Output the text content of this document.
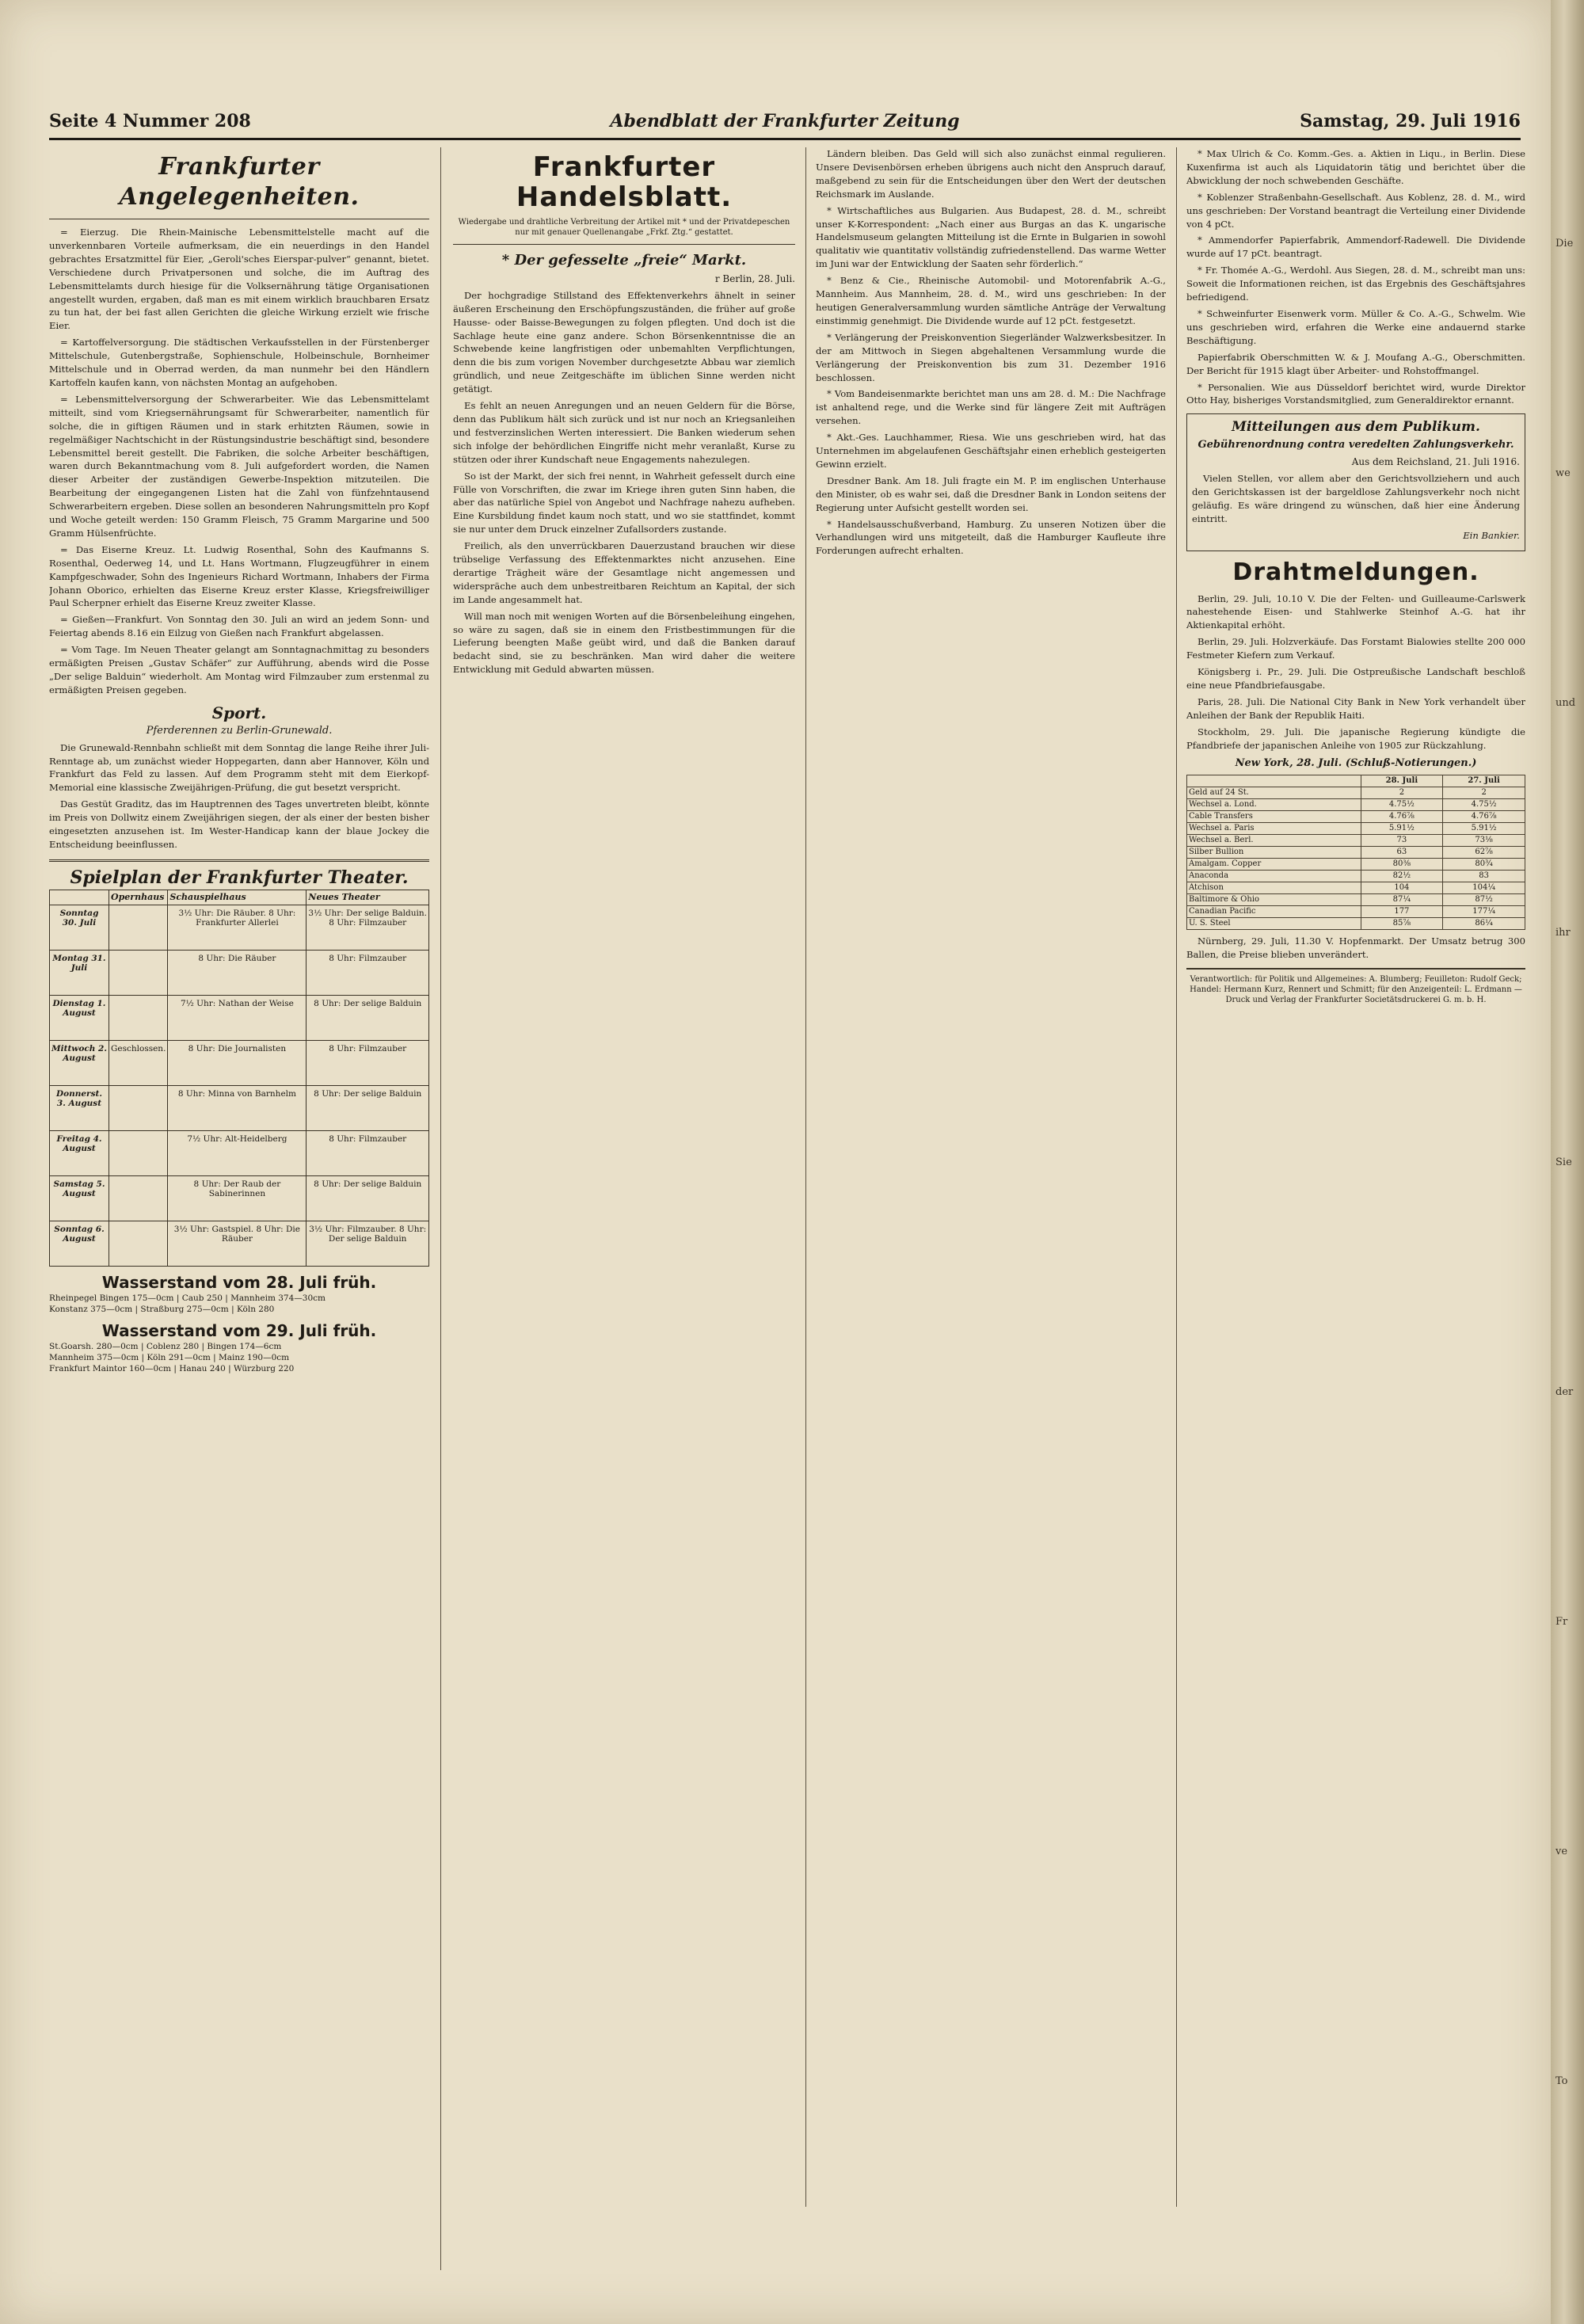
Seite 4 Nummer 208	Abendblatt der Frankfurter Zeitung	Samstag, 29. Juli 1916
Frankfurter Angelegenheiten.

= Eierzug. Die Rhein-Mainische Lebensmittelstelle macht auf die unverkennbaren Vorteile aufmerksam, die ein neuerdings in den Handel gebrachtes Ersatzmittel für Eier, „Geroli'sches Eierspar-pulver“ genannt, bietet. Verschiedene durch Privatpersonen und solche, die im Auftrag des Lebensmittelamts durch hiesige für die Volksernährung tätige Organisationen angestellt wurden, ergaben, daß man es mit einem wirklich brauchbaren Ersatz zu tun hat, der bei fast allen Gerichten die gleiche Wirkung erzielt wie frische Eier.

= Kartoffelversorgung. Die städtischen Verkaufsstellen in der Fürstenberger Mittelschule, Gutenbergstraße, Sophienschule, Holbeinschule, Bornheimer Mittelschule und in Oberrad werden, da man nunmehr bei den Händlern Kartoffeln kaufen kann, von nächsten Montag an aufgehoben.

= Lebensmittelversorgung der Schwerarbeiter. Wie das Lebensmittelamt mitteilt, sind vom Kriegsernährungsamt für Schwerarbeiter, namentlich für solche, die in giftigen Räumen und in stark erhitzten Räumen, sowie in regelmäßiger Nachtschicht in der Rüstungsindustrie beschäftigt sind, besondere Lebensmittel bereit gestellt. Die Fabriken, die solche Arbeiter beschäftigen, waren durch Bekanntmachung vom 8. Juli aufgefordert worden, die Namen dieser Arbeiter der zuständigen Gewerbe-Inspektion mitzuteilen. Die Bearbeitung der eingegangenen Listen hat die Zahl von fünfzehntausend Schwerarbeitern ergeben. Diese sollen an besonderen Nahrungsmitteln pro Kopf und Woche geteilt werden: 150 Gramm Fleisch, 75 Gramm Margarine und 500 Gramm Hülsenfrüchte.

= Das Eiserne Kreuz. Lt. Ludwig Rosenthal, Sohn des Kaufmanns S. Rosenthal, Oederweg 14, und Lt. Hans Wortmann, Flugzeugführer in einem Kampfgeschwader, Sohn des Ingenieurs Richard Wortmann, Inhabers der Firma Johann Oborico, erhielten das Eiserne Kreuz erster Klasse, Kriegsfreiwilliger Paul Scherpner erhielt das Eiserne Kreuz zweiter Klasse.

= Gießen—Frankfurt. Von Sonntag den 30. Juli an wird an jedem Sonn- und Feiertag abends 8.16 ein Eilzug von Gießen nach Frankfurt abgelassen.

= Vom Tage. Im Neuen Theater gelangt am Sonntagnachmittag zu besonders ermäßigten Preisen „Gustav Schäfer“ zur Aufführung, abends wird die Posse „Der selige Balduin“ wiederholt. Am Montag wird Filmzauber zum erstenmal zu ermäßigten Preisen gegeben.

Sport.
Pferderennen zu Berlin-Grunewald.

Die Grunewald-Rennbahn schließt mit dem Sonntag die lange Reihe ihrer Juli-Renntage ab, um zunächst wieder Hoppegarten, dann aber Hannover, Köln und Frankfurt das Feld zu lassen. Auf dem Programm steht mit dem Eierkopf-Memorial eine klassische Zweijährigen-Prüfung, die gut besetzt verspricht.

Das Gestüt Graditz, das im Hauptrennen des Tages unvertreten bleibt, könnte im Preis von Dollwitz einem Zweijährigen siegen, der als einer der besten bisher eingesetzten anzusehen ist. Im Wester-Handicap kann der blaue Jockey die Entscheidung beeinflussen.

Spielplan der Frankfurter Theater.
	Opernhaus	Schauspielhaus	Neues Theater
Sonntag 30. Juli		3½ Uhr: Die Räuber. 8 Uhr: Frankfurter Allerlei	3½ Uhr: Der selige Balduin. 8 Uhr: Filmzauber
Montag 31. Juli		8 Uhr: Die Räuber	8 Uhr: Filmzauber
Dienstag 1. August		7½ Uhr: Nathan der Weise	8 Uhr: Der selige Balduin
Mittwoch 2. August	Geschlossen.	8 Uhr: Die Journalisten	8 Uhr: Filmzauber
Donnerst. 3. August		8 Uhr: Minna von Barnhelm	8 Uhr: Der selige Balduin
Freitag 4. August		7½ Uhr: Alt-Heidelberg	8 Uhr: Filmzauber
Samstag 5. August		8 Uhr: Der Raub der Sabinerinnen	8 Uhr: Der selige Balduin
Sonntag 6. August		3½ Uhr: Gastspiel. 8 Uhr: Die Räuber	3½ Uhr: Filmzauber. 8 Uhr: Der selige Balduin
Wasserstand vom 28. Juli früh.
Rheinpegel Bingen 175—0cm | Caub 250 | Mannheim 374—30cm
Konstanz 375—0cm | Straßburg 275—0cm | Köln 280
Wasserstand vom 29. Juli früh.
St.Goarsh. 280—0cm | Coblenz 280 | Bingen 174—6cm
Mannheim 375—0cm | Köln 291—0cm | Mainz 190—0cm
Frankfurt Maintor 160—0cm | Hanau 240 | Würzburg 220
Frankfurter Handelsblatt.
Wiedergabe und drahtliche Verbreitung der Artikel mit * und der Privatdepeschen nur mit genauer Quellenangabe „Frkf. Ztg.“ gestattet.
* Der gefesselte „freie“ Markt.
r Berlin, 28. Juli.

Der hochgradige Stillstand des Effektenverkehrs ähnelt in seiner äußeren Erscheinung den Erschöpfungszuständen, die früher auf große Hausse- oder Baisse-Bewegungen zu folgen pflegten. Und doch ist die Sachlage heute eine ganz andere. Schon Börsenkenntnisse die an Schwebende keine langfristigen oder unbemahlten Verpflichtungen, denn die bis zum vorigen November durchgesetzte Abbau war ziemlich gründlich, und neue Zeitgeschäfte im üblichen Sinne werden nicht getätigt.

Es fehlt an neuen Anregungen und an neuen Geldern für die Börse, denn das Publikum hält sich zurück und ist nur noch an Kriegsanleihen und festverzinslichen Werten interessiert. Die Banken wiederum sehen sich infolge der behördlichen Eingriffe nicht mehr veranlaßt, Kurse zu stützen oder ihrer Kundschaft neue Engagements nahezulegen.

So ist der Markt, der sich frei nennt, in Wahrheit gefesselt durch eine Fülle von Vorschriften, die zwar im Kriege ihren guten Sinn haben, die aber das natürliche Spiel von Angebot und Nachfrage nahezu aufheben. Eine Kursbildung findet kaum noch statt, und wo sie stattfindet, kommt sie nur unter dem Druck einzelner Zufallsorders zustande.

Freilich, als den unverrückbaren Dauerzustand brauchen wir diese trübselige Verfassung des Effektenmarktes nicht anzusehen. Eine derartige Trägheit wäre der Gesamtlage nicht angemessen und widerspräche auch dem unbestreitbaren Reichtum an Kapital, der sich im Lande angesammelt hat.

Will man noch mit wenigen Worten auf die Börsenbeleihung eingehen, so wäre zu sagen, daß sie in einem den Fristbestimmungen für die Lieferung beengten Maße geübt wird, und daß die Banken darauf bedacht sind, sie zu beschränken. Man wird daher die weitere Entwicklung mit Geduld abwarten müssen.

Ländern bleiben. Das Geld will sich also zunächst einmal regulieren. Unsere Devisenbörsen erheben übrigens auch nicht den Anspruch darauf, maßgebend zu sein für die Entscheidungen über den Wert der deutschen Reichsmark im Auslande.

* Wirtschaftliches aus Bulgarien. Aus Budapest, 28. d. M., schreibt unser K-Korrespondent: „Nach einer aus Burgas an das K. ungarische Handelsmuseum gelangten Mitteilung ist die Ernte in Bulgarien in sowohl qualitativ wie quantitativ vollständig zufriedenstellend. Das warme Wetter im Juni war der Entwicklung der Saaten sehr förderlich.“

* Benz & Cie., Rheinische Automobil- und Motorenfabrik A.-G., Mannheim. Aus Mannheim, 28. d. M., wird uns geschrieben: In der heutigen Generalversammlung wurden sämtliche Anträge der Verwaltung einstimmig genehmigt. Die Dividende wurde auf 12 pCt. festgesetzt.

* Verlängerung der Preiskonvention Siegerländer Walzwerksbesitzer. In der am Mittwoch in Siegen abgehaltenen Versammlung wurde die Verlängerung der Preiskonvention bis zum 31. Dezember 1916 beschlossen.

* Vom Bandeisenmarkte berichtet man uns am 28. d. M.: Die Nachfrage ist anhaltend rege, und die Werke sind für längere Zeit mit Aufträgen versehen.

* Akt.-Ges. Lauchhammer, Riesa. Wie uns geschrieben wird, hat das Unternehmen im abgelaufenen Geschäftsjahr einen erheblich gesteigerten Gewinn erzielt.

Dresdner Bank. Am 18. Juli fragte ein M. P. im englischen Unterhause den Minister, ob es wahr sei, daß die Dresdner Bank in London seitens der Regierung unter Aufsicht gestellt worden sei.

* Handelsausschußverband, Hamburg. Zu unseren Notizen über die Verhandlungen wird uns mitgeteilt, daß die Hamburger Kaufleute ihre Forderungen aufrecht erhalten.

* Max Ulrich & Co. Komm.-Ges. a. Aktien in Liqu., in Berlin. Diese Kuxenfirma ist auch als Liquidatorin tätig und berichtet über die Abwicklung der noch schwebenden Geschäfte.

* Koblenzer Straßenbahn-Gesellschaft. Aus Koblenz, 28. d. M., wird uns geschrieben: Der Vorstand beantragt die Verteilung einer Dividende von 4 pCt.

* Ammendorfer Papierfabrik, Ammendorf-Radewell. Die Dividende wurde auf 17 pCt. beantragt.

* Fr. Thomée A.-G., Werdohl. Aus Siegen, 28. d. M., schreibt man uns: Soweit die Informationen reichen, ist das Ergebnis des Geschäftsjahres befriedigend.

* Schweinfurter Eisenwerk vorm. Müller & Co. A.-G., Schwelm. Wie uns geschrieben wird, erfahren die Werke eine andauernd starke Beschäftigung.

Papierfabrik Oberschmitten W. & J. Moufang A.-G., Oberschmitten. Der Bericht für 1915 klagt über Arbeiter- und Rohstoffmangel.

* Personalien. Wie aus Düsseldorf berichtet wird, wurde Direktor Otto Hay, bisheriges Vorstandsmitglied, zum Generaldirektor ernannt.

Mitteilungen aus dem Publikum.
Gebührenordnung contra veredelten Zahlungsverkehr.
Aus dem Reichsland, 21. Juli 1916.

Vielen Stellen, vor allem aber den Gerichtsvollziehern und auch den Gerichtskassen ist der bargeldlose Zahlungsverkehr noch nicht geläufig. Es wäre dringend zu wünschen, daß hier eine Änderung eintritt.

Ein Bankier.
Drahtmeldungen.

Berlin, 29. Juli, 10.10 V. Die der Felten- und Guilleaume-Carlswerk nahestehende Eisen- und Stahlwerke Steinhof A.-G. hat ihr Aktienkapital erhöht.

Berlin, 29. Juli. Holzverkäufe. Das Forstamt Bialowies stellte 200 000 Festmeter Kiefern zum Verkauf.

Königsberg i. Pr., 29. Juli. Die Ostpreußische Landschaft beschloß eine neue Pfandbriefausgabe.

Paris, 28. Juli. Die National City Bank in New York verhandelt über Anleihen der Bank der Republik Haiti.

Stockholm, 29. Juli. Die japanische Regierung kündigte die Pfandbriefe der japanischen Anleihe von 1905 zur Rückzahlung.

New York, 28. Juli. (Schluß-Notierungen.)
	28. Juli	27. Juli
Geld auf 24 St.	2	2
Wechsel a. Lond.	4.75½	4.75½
Cable Transfers	4.76⅞	4.76⅞
Wechsel a. Paris	5.91½	5.91½
Wechsel a. Berl.	73	73⅛
Silber Bullion	63	62⅞
Amalgam. Copper	80⅜	80¾
Anaconda	82½	83
Atchison	104	104¼
Baltimore & Ohio	87¼	87½
Canadian Pacific	177	177¼
U. S. Steel	85⅞	86¼

Nürnberg, 29. Juli, 11.30 V. Hopfenmarkt. Der Umsatz betrug 300 Ballen, die Preise blieben unverändert.

Verantwortlich: für Politik und Allgemeines: A. Blumberg; Feuilleton: Rudolf Geck; Handel: Hermann Kurz, Rennert und Schmitt; für den Anzeigenteil: L. Erdmann — Druck und Verlag der Frankfurter Societätsdruckerei G. m. b. H.
Die
we
und
ihr
Sie
der
Fr
ve
To
